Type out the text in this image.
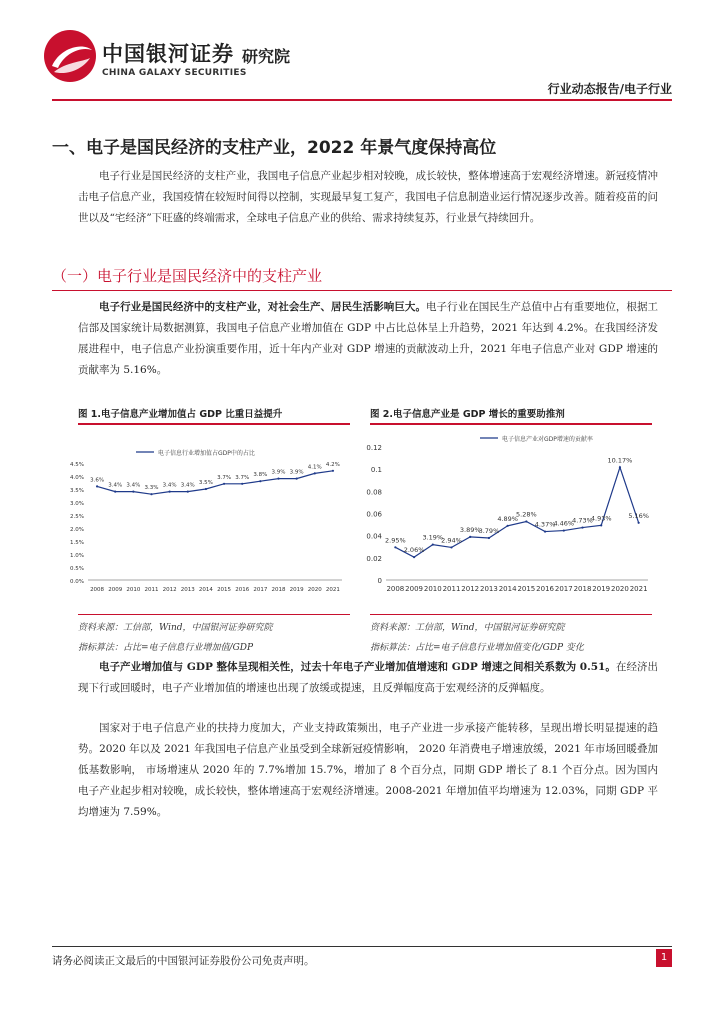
中国银河证券
CHINA GALAXY SECURITIES
研究院
行业动态报告/电子行业
一、电子是国民经济的支柱产业，2022 年景气度保持高位

电子行业是国民经济的支柱产业，我国电子信息产业起步相对较晚，成长较快，整体增速高于宏观经济增速。新冠疫情冲击电子信息产业，我国疫情在较短时间得以控制，实现最早复工复产，我国电子信息制造业运行情况逐步改善。随着疫苗的问世以及“宅经济”下旺盛的终端需求，全球电子信息产业的供给、需求持续复苏，行业景气持续回升。

（一）电子行业是国民经济中的支柱产业

电子行业是国民经济中的支柱产业，对社会生产、居民生活影响巨大。电子行业在国民生产总值中占有重要地位，根据工信部及国家统计局数据测算，我国电子信息产业增加值在 GDP 中占比总体呈上升趋势，2021 年达到 4.2%。在我国经济发展进程中，电子信息产业扮演重要作用，近十年内产业对 GDP 增速的贡献波动上升，2021 年电子信息产业对 GDP 增速的贡献率为 5.16%。

图 1.电子信息产业增加值占 GDP 比重日益提升
0.0%
0.5%
1.0%
1.5%
2.0%
2.5%
3.0%
3.5%
4.0%
4.5%
2008 2009 2010 2011 2012 2013 2014 2015 2016 2017 2018 2019 2020 2021
3.6%
3.4% 3.4% 3.3% 3.4% 3.4% 3.5%
3.7% 3.7% 3.8% 3.9% 3.9%
4.1% 4.2%
电子信息行业增加值占GDP中的占比
资料来源：工信部，Wind，中国银河证券研究院
指标算法：占比=电子信息行业增加值/GDP
图 2.电子信息产业是 GDP 增长的重要助推剂
0
0.02
0.04
0.06
0.08
0.1
0.12
2008 2009 2010 2011 2012 2013 2014 2015 2016 2017 2018 2019 2020 2021
2.95%
2.06%
3.19%
2.94%
3.89%
3.79%
4.89%
5.28%
4.37%
4.46%
4.73%
4.93%
10.17%
5.16%
电子信息产业对GDP增速的贡献率
资料来源：工信部，Wind，中国银河证券研究院
指标算法：占比=电子信息行业增加值变化/GDP 变化

电子产业增加值与 GDP 整体呈现相关性，过去十年电子产业增加值增速和 GDP 增速之间相关系数为 0.51。在经济出现下行或回暖时，电子产业增加值的增速也出现了放缓或提速，且反弹幅度高于宏观经济的反弹幅度。

国家对于电子信息产业的扶持力度加大，产业支持政策频出，电子产业进一步承接产能转移，呈现出增长明显提速的趋势。2020 年以及 2021 年我国电子信息产业虽受到全球新冠疫情影响， 2020 年消费电子增速放缓，2021 年市场回暖叠加低基数影响， 市场增速从 2020 年的 7.7%增加 15.7%，增加了 8 个百分点，同期 GDP 增长了 8.1 个百分点。因为国内电子产业起步相对较晚，成长较快，整体增速高于宏观经济增速。2008-2021 年增加值平均增速为 12.03%，同期 GDP 平均增速为 7.59%。

请务必阅读正文最后的中国银河证券股份公司免责声明。	1
